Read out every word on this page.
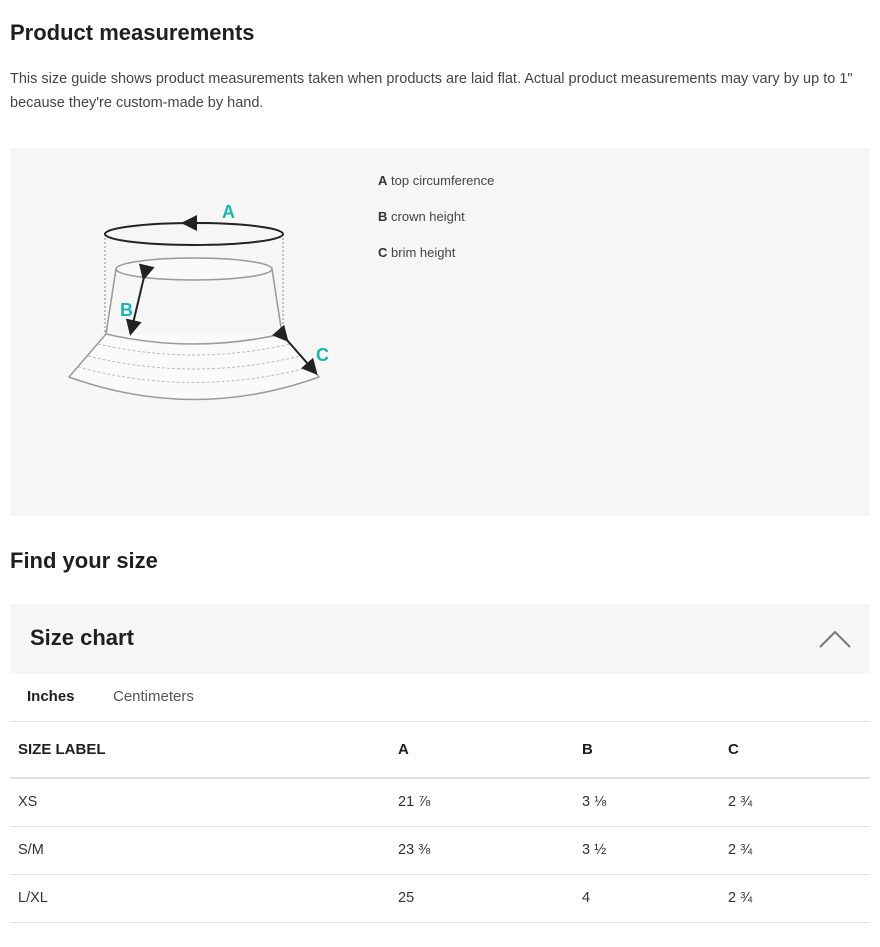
Product measurements

This size guide shows product measurements taken when products are laid flat. Actual product measurements may vary by up to 1" because they're custom-made by hand.

A
B
C
A top circumference
B crown height
C brim height
Find your size
Size chart
Inches	Centimeters
SIZE LABEL	A	B	C
XS	21 ⅞	3 ⅛	2 ¾
S/M	23 ⅜	3 ½	2 ¾
L/XL	25	4	2 ¾
